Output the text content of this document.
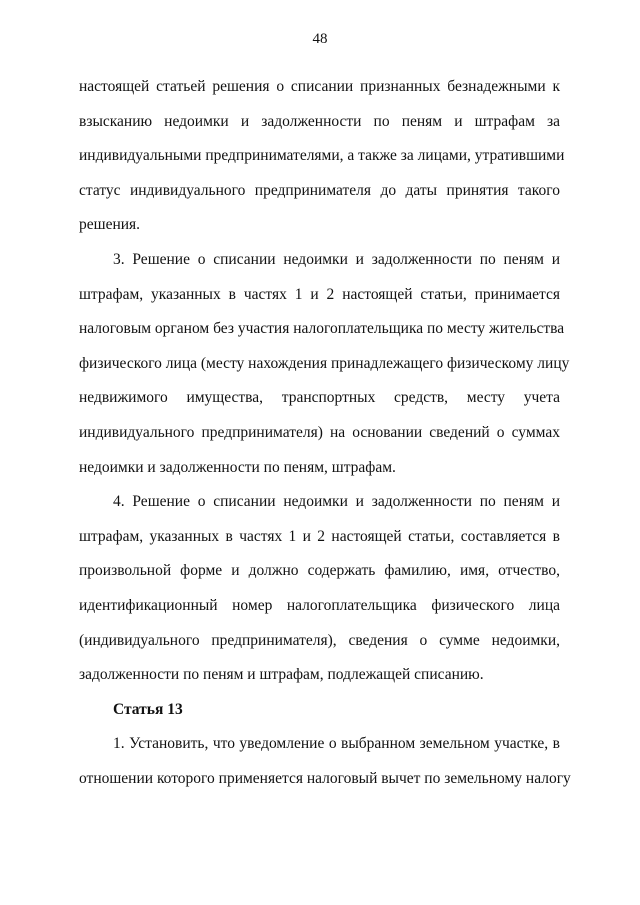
48
настоящей статьей решения о списании признанных безнадежными к
взысканию недоимки и задолженности по пеням и штрафам за
индивидуальными предпринимателями, а также за лицами, утратившими
статус индивидуального предпринимателя до даты принятия такого
решения.
3. Решение о списании недоимки и задолженности по пеням и
штрафам, указанных в частях 1 и 2 настоящей статьи, принимается
налоговым органом без участия налогоплательщика по месту жительства
физического лица (месту нахождения принадлежащего физическому лицу
недвижимого имущества, транспортных средств, месту учета
индивидуального предпринимателя) на основании сведений о суммах
недоимки и задолженности по пеням, штрафам.
4. Решение о списании недоимки и задолженности по пеням и
штрафам, указанных в частях 1 и 2 настоящей статьи, составляется в
произвольной форме и должно содержать фамилию, имя, отчество,
идентификационный номер налогоплательщика физического лица
(индивидуального предпринимателя), сведения о сумме недоимки,
задолженности по пеням и штрафам, подлежащей списанию.
Статья 13
1. Установить, что уведомление о выбранном земельном участке, в
отношении которого применяется налоговый вычет по земельному налогу
